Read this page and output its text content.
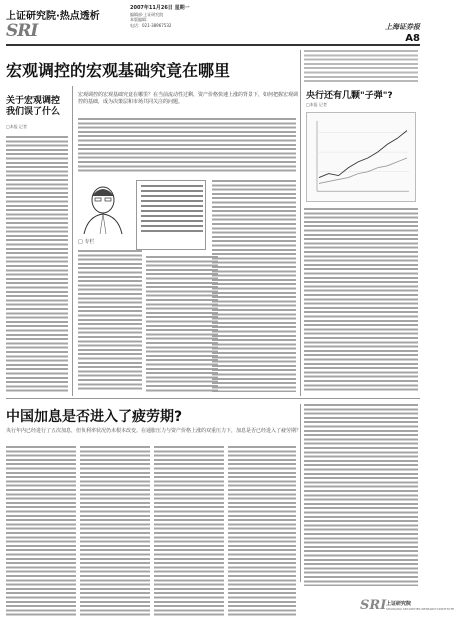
上证研究院·热点透析
SRI
2007年11月26日 星期一
编辑部·上证研究院
本版编辑：
电话：021-38967532	上海证券报
A8
宏观调控的宏观基础究竟在哪里
关于宏观调控我们误了什么
□本报 记者
宏观调控的宏观基础究竟在哪里？在当前流动性过剩、资产价格快速上涨的背景下，如何把握宏观调控的基础，成为决策层和市场共同关注的问题。
□ 专栏
央行还有几颗"子弹"?
□本报 记者
中国加息是否进入了疲劳期?
央行年内已经进行了五次加息，但负利率状况仍未根本改变。在通胀压力与资产价格上涨的双重压力下，加息是否已经进入了疲劳期？
SRI 上证研究院
SHANGHAI SECURITIES RESEARCH INSTITUTE
